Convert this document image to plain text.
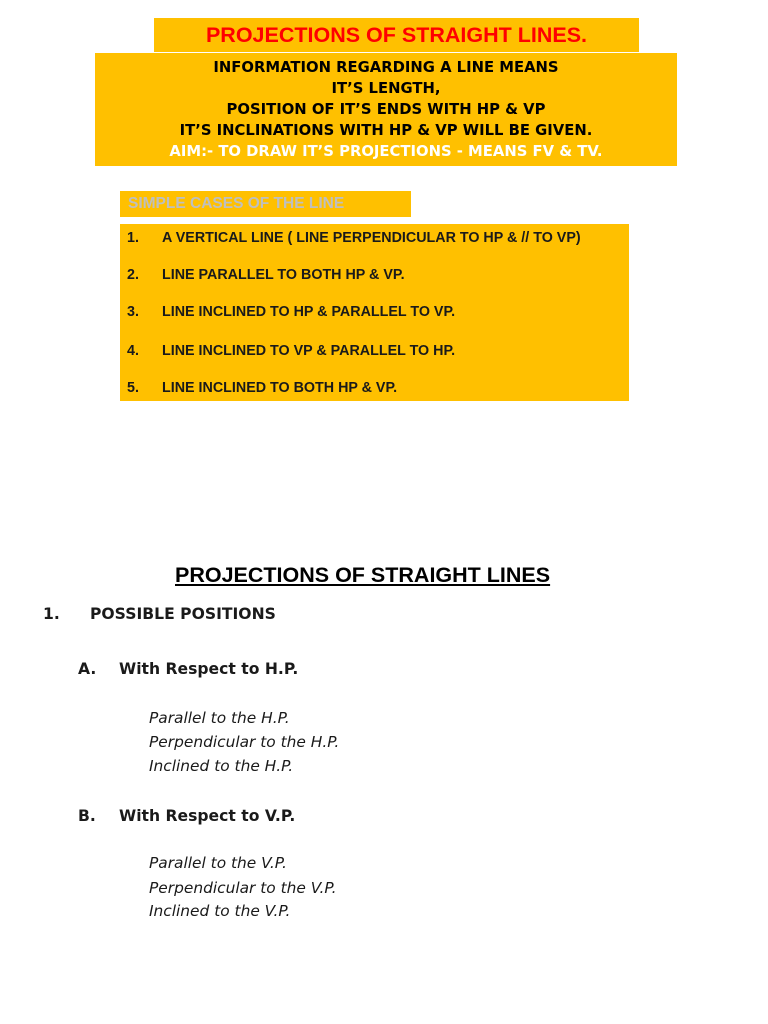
PROJECTIONS OF STRAIGHT LINES.
INFORMATION REGARDING A LINE MEANS
IT’S LENGTH,
POSITION OF IT’S ENDS WITH HP & VP
IT’S INCLINATIONS WITH HP & VP WILL BE GIVEN.
AIM:- TO DRAW IT’S PROJECTIONS - MEANS FV & TV.
SIMPLE CASES OF THE LINE
1. A VERTICAL LINE ( LINE PERPENDICULAR TO HP & // TO VP)
2. LINE PARALLEL TO BOTH HP & VP.
3. LINE INCLINED TO HP & PARALLEL TO VP.
4. LINE INCLINED TO VP & PARALLEL TO HP.
5. LINE INCLINED TO BOTH HP & VP.
PROJECTIONS OF STRAIGHT LINES
1. POSSIBLE POSITIONS
A. With Respect to H.P.
Parallel to the H.P.
Perpendicular to the H.P.
Inclined to the H.P.
B. With Respect to V.P.
Parallel to the V.P.
Perpendicular to the V.P.
Inclined to the V.P.
